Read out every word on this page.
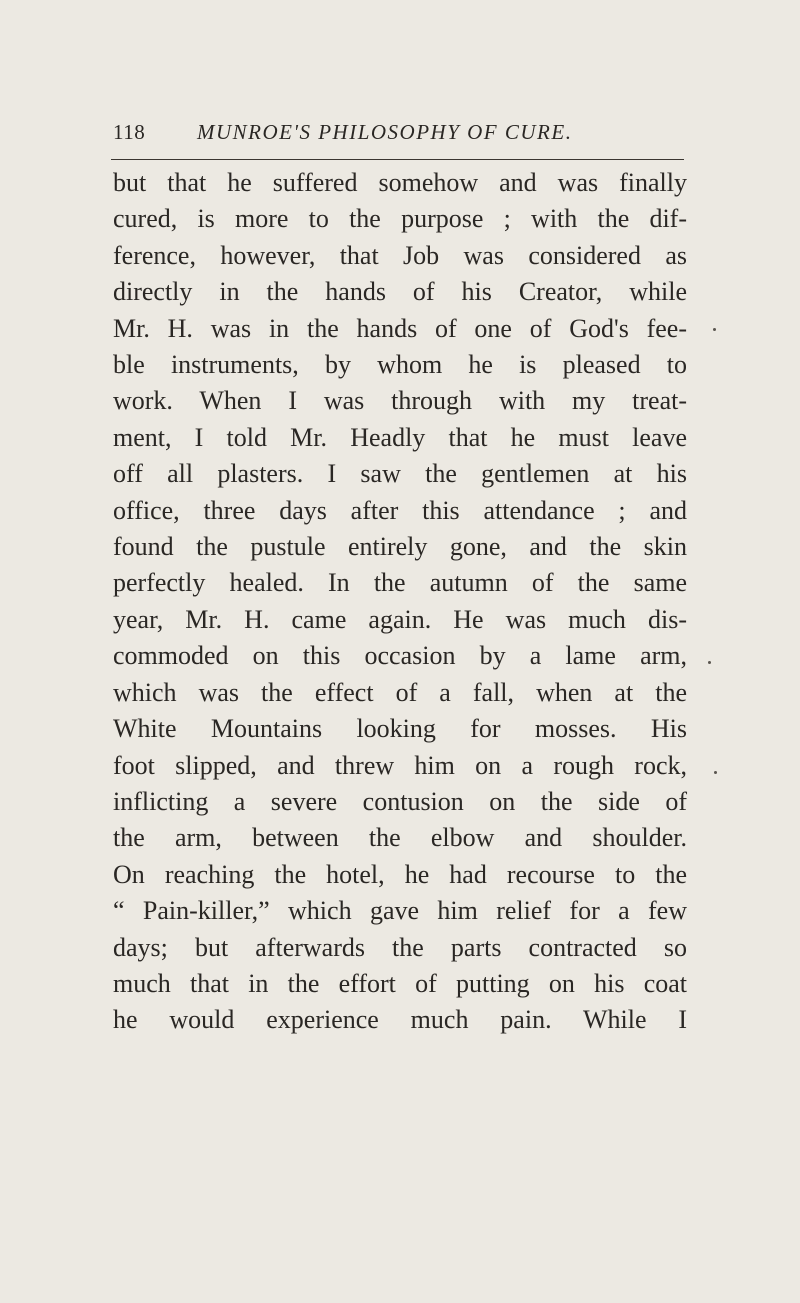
118 MUNROE'S PHILOSOPHY OF CURE.
but that he suffered somehow and was finally
cured, is more to the purpose ; with the dif-
ference, however, that Job was considered as
directly in the hands of his Creator, while
Mr. H. was in the hands of one of God's fee-
ble instruments, by whom he is pleased to
work. When I was through with my treat-
ment, I told Mr. Headly that he must leave
off all plasters. I saw the gentlemen at his
office, three days after this attendance ; and
found the pustule entirely gone, and the skin
perfectly healed. In the autumn of the same
year, Mr. H. came again. He was much dis-
commoded on this occasion by a lame arm,
which was the effect of a fall, when at the
White Mountains looking for mosses. His
foot slipped, and threw him on a rough rock,
inflicting a severe contusion on the side of
the arm, between the elbow and shoulder.
On reaching the hotel, he had recourse to the
“ Pain-killer,” which gave him relief for a few
days; but afterwards the parts contracted so
much that in the effort of putting on his coat
he would experience much pain. While I
